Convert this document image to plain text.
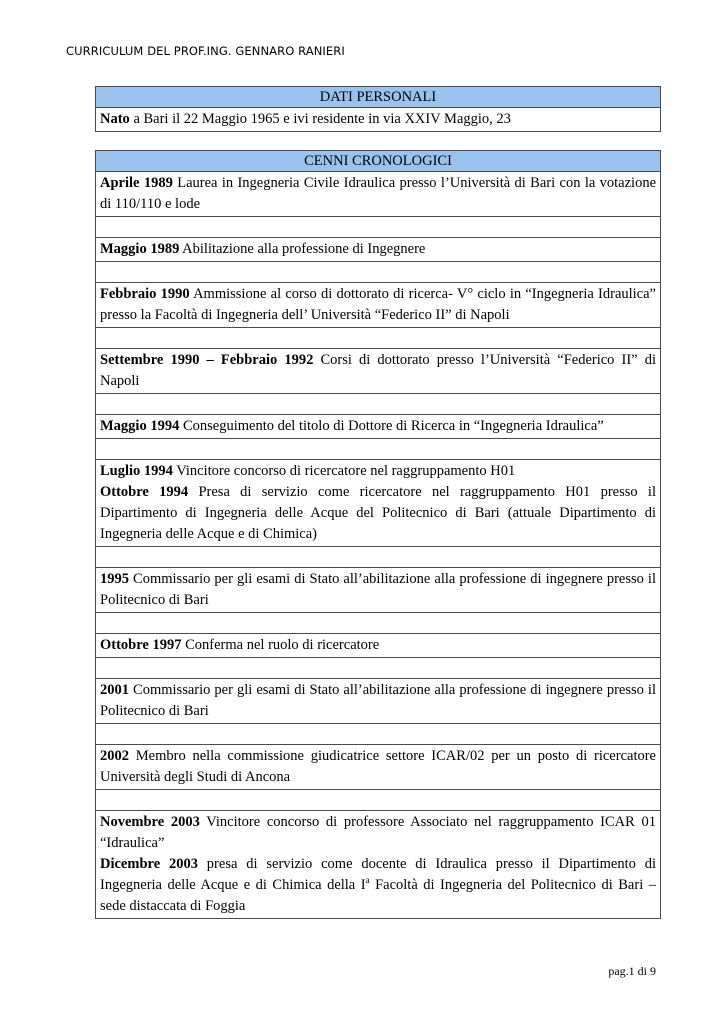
CURRICULUM DEL PROF.ING. GENNARO RANIERI
DATI PERSONALI
Nato a Bari il 22 Maggio 1965 e ivi residente in via XXIV Maggio, 23
CENNI CRONOLOGICI
Aprile 1989 Laurea in Ingegneria Civile Idraulica presso l’Università di Bari con la votazione di 110/110 e lode

Maggio 1989 Abilitazione alla professione di Ingegnere

Febbraio 1990 Ammissione al corso di dottorato di ricerca- V° ciclo in “Ingegneria Idraulica” presso la Facoltà di Ingegneria dell’ Università “Federico II” di Napoli

Settembre 1990 – Febbraio 1992 Corsi di dottorato presso l’Università “Federico II” di Napoli

Maggio 1994 Conseguimento del titolo di Dottore di Ricerca in “Ingegneria Idraulica”

Luglio 1994 Vincitore concorso di ricercatore nel raggruppamento H01

Ottobre 1994 Presa di servizio come ricercatore nel raggruppamento H01 presso il Dipartimento di Ingegneria delle Acque del Politecnico di Bari (attuale Dipartimento di Ingegneria delle Acque e di Chimica)

1995 Commissario per gli esami di Stato all’abilitazione alla professione di ingegnere presso il Politecnico di Bari

Ottobre 1997 Conferma nel ruolo di ricercatore

2001 Commissario per gli esami di Stato all’abilitazione alla professione di ingegnere presso il Politecnico di Bari

2002 Membro nella commissione giudicatrice settore ICAR/02 per un posto di ricercatore Università degli Studi di Ancona

Novembre 2003 Vincitore concorso di professore Associato nel raggruppamento ICAR 01 “Idraulica”

Dicembre 2003 presa di servizio come docente di Idraulica presso il Dipartimento di Ingegneria delle Acque e di Chimica della $I^a$ Facoltà di Ingegneria del Politecnico di Bari – sede distaccata di Foggia

pag.1 di 9
